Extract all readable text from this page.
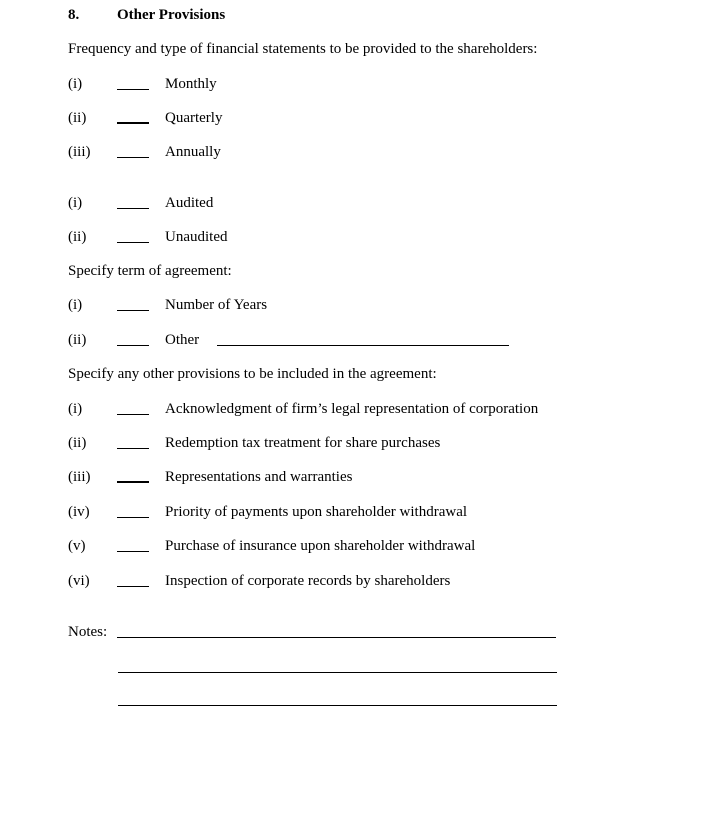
8.	Other Provisions
Frequency and type of financial statements to be provided to the shareholders:
(i)	Monthly
(ii)	Quarterly
(iii)	Annually
(i)	Audited
(ii)	Unaudited
Specify term of agreement:
(i)	Number of Years
(ii)	Other
Specify any other provisions to be included in the agreement:
(i)	Acknowledgment of firm’s legal representation of corporation
(ii)	Redemption tax treatment for share purchases
(iii)	Representations and warranties
(iv)	Priority of payments upon shareholder withdrawal
(v)	Purchase of insurance upon shareholder withdrawal
(vi)	Inspection of corporate records by shareholders
Notes:
